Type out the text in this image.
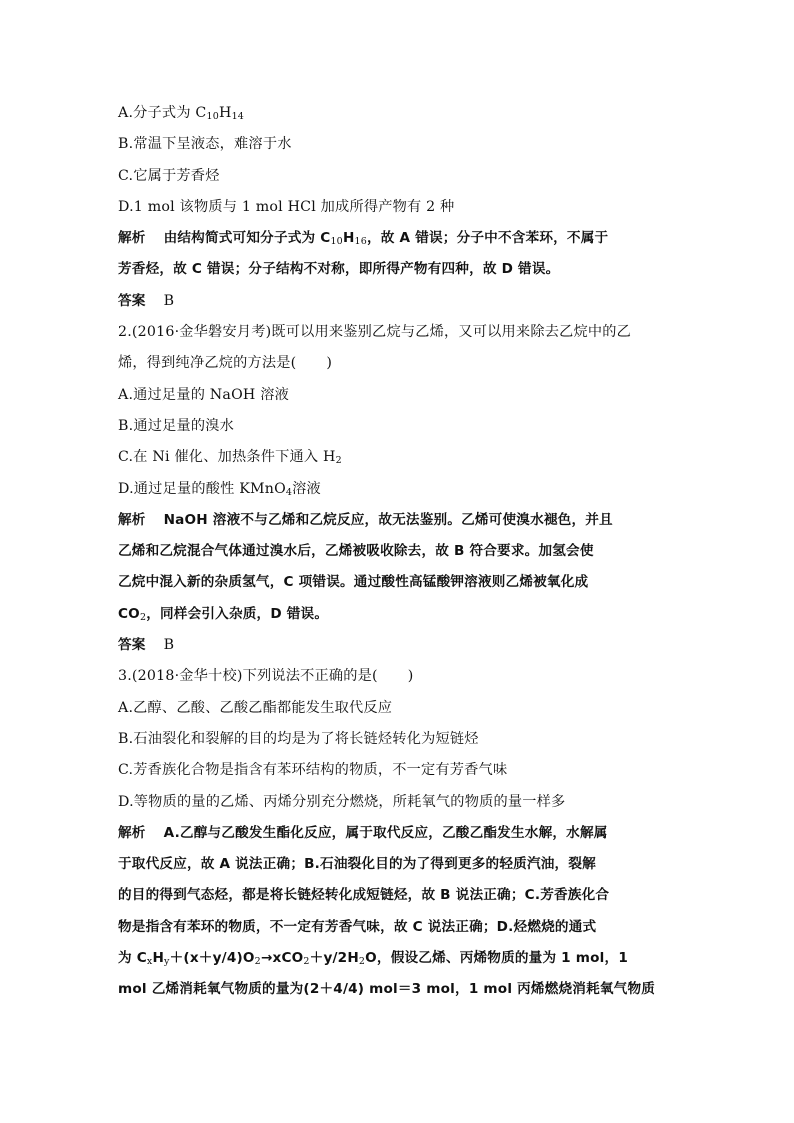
A.分子式为 $C_{10}H_{14}$
B.常温下呈液态，难溶于水
C.它属于芳香烃
D.1 mol 该物质与 1 mol HCl 加成所得产物有 2 种
解析 由结构简式可知分子式为 $C_{10}H_{16}$，故 A 错误；分子中不含苯环，不属于
芳香烃，故 C 错误；分子结构不对称，即所得产物有四种，故 D 错误。
答案 B
2.(2016·金华磐安月考)既可以用来鉴别乙烷与乙烯，又可以用来除去乙烷中的乙
烯，得到纯净乙烷的方法是( )
A.通过足量的 NaOH 溶液
B.通过足量的溴水
C.在 Ni 催化、加热条件下通入 $H_2$
D.通过足量的酸性 KMnO$_4$溶液
解析 NaOH 溶液不与乙烯和乙烷反应，故无法鉴别。乙烯可使溴水褪色，并且
乙烯和乙烷混合气体通过溴水后，乙烯被吸收除去，故 B 符合要求。加氢会使
乙烷中混入新的杂质氢气，C 项错误。通过酸性高锰酸钾溶液则乙烯被氧化成
$CO_2$，同样会引入杂质，D 错误。
答案 B
3.(2018·金华十校)下列说法不正确的是( )
A.乙醇、乙酸、乙酸乙酯都能发生取代反应
B.石油裂化和裂解的目的均是为了将长链烃转化为短链烃
C.芳香族化合物是指含有苯环结构的物质，不一定有芳香气味
D.等物质的量的乙烯、丙烯分别充分燃烧，所耗氧气的物质的量一样多
解析 A.乙醇与乙酸发生酯化反应，属于取代反应，乙酸乙酯发生水解，水解属
于取代反应，故 A 说法正确；B.石油裂化目的为了得到更多的轻质汽油，裂解
的目的得到气态烃，都是将长链烃转化成短链烃，故 B 说法正确；C.芳香族化合
物是指含有苯环的物质，不一定有芳香气味，故 C 说法正确；D.烃燃烧的通式
为 $C_xH_y+(x+y/4)O_2\to xCO_2+y/2H_2O$，假设乙烯、丙烯物质的量为 1 mol，1
mol 乙烯消耗氧气物质的量为(2＋4/4) mol＝3 mol，1 mol 丙烯燃烧消耗氧气物质
